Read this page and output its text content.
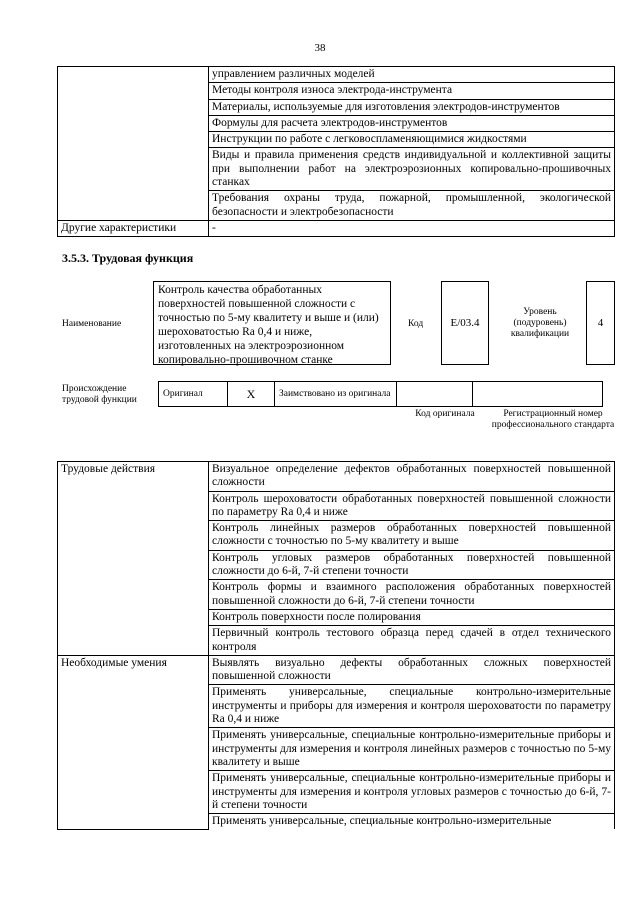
38
	управлением различных моделей
	Методы контроля износа электрода-инструмента
	Материалы, используемые для изготовления электродов-инструментов
	Формулы для расчета электродов-инструментов
	Инструкции по работе с легковоспламеняющимися жидкостями
	Виды и правила применения средств индивидуальной и коллективной защиты при выполнении работ на электроэрозионных копировально-прошивочных станках
	Требования охраны труда, пожарной, промышленной, экологической безопасности и электробезопасности
Другие характеристики	-
3.5.3. Трудовая функция
Наименование
Контроль качества обработанных поверхностей повышенной сложности с точностью по 5-му квалитету и выше и (или) шероховатостью Ra 0,4 и ниже, изготовленных на электроэрозионном копировально-прошивочном станке
Код	E/03.4
Уровень (подуровень) квалификации
4
Происхождение трудовой функции
Оригинал	X	Заимствовано из оригинала		
Код оригинала	Регистрационный номер профессионального стандарта
Трудовые действия	Визуальное определение дефектов обработанных поверхностей повышенной сложности
	Контроль шероховатости обработанных поверхностей повышенной сложности по параметру Ra 0,4 и ниже
	Контроль линейных размеров обработанных поверхностей повышенной сложности с точностью по 5-му квалитету и выше
	Контроль угловых размеров обработанных поверхностей повышенной сложности до 6-й, 7-й степени точности
	Контроль формы и взаимного расположения обработанных поверхностей повышенной сложности до 6-й, 7-й степени точности
	Контроль поверхности после полирования
	Первичный контроль тестового образца перед сдачей в отдел технического контроля
Необходимые умения	Выявлять визуально дефекты обработанных сложных поверхностей повышенной сложности
	Применять универсальные, специальные контрольно-измерительные инструменты и приборы для измерения и контроля шероховатости по параметру Ra 0,4 и ниже
	Применять универсальные, специальные контрольно-измерительные приборы и инструменты для измерения и контроля линейных размеров с точностью по 5-му квалитету и выше
	Применять универсальные, специальные контрольно-измерительные приборы и инструменты для измерения и контроля угловых размеров с точностью до 6-й, 7-й степени точности
	Применять универсальные, специальные контрольно-измерительные
